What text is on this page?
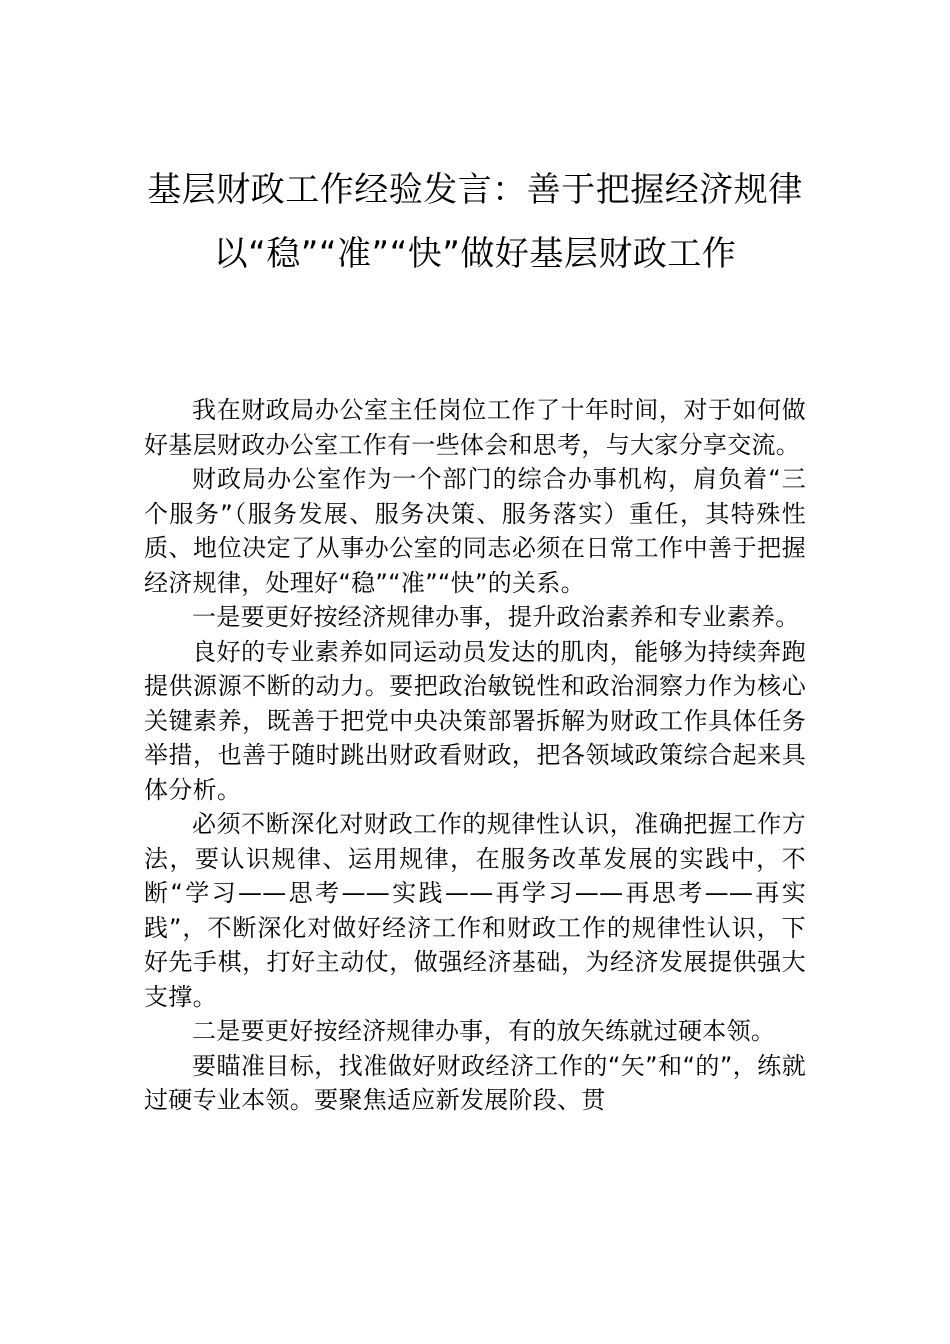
基层财政工作经验发言：善于把握经济规律以“稳”“准”“快”做好基层财政工作

我在财政局办公室主任岗位工作了十年时间，对于如何做好基层财政办公室工作有一些体会和思考，与大家分享交流。

财政局办公室作为一个部门的综合办事机构，肩负着“三个服务”（服务发展、服务决策、服务落实）重任，其特殊性质、地位决定了从事办公室的同志必须在日常工作中善于把握经济规律，处理好“稳”“准”“快”的关系。

一是要更好按经济规律办事，提升政治素养和专业素养。

良好的专业素养如同运动员发达的肌肉，能够为持续奔跑提供源源不断的动力。要把政治敏锐性和政治洞察力作为核心关键素养，既善于把党中央决策部署拆解为财政工作具体任务举措，也善于随时跳出财政看财政，把各领域政策综合起来具体分析。

必须不断深化对财政工作的规律性认识，准确把握工作方法，要认识规律、运用规律，在服务改革发展的实践中，不断“学习——思考——实践——再学习——再思考——再实践”，不断深化对做好经济工作和财政工作的规律性认识，下好先手棋，打好主动仗，做强经济基础，为经济发展提供强大支撑。

二是要更好按经济规律办事，有的放矢练就过硬本领。

要瞄准目标，找准做好财政经济工作的“矢”和“的”，练就过硬专业本领。要聚焦适应新发展阶段、贯
